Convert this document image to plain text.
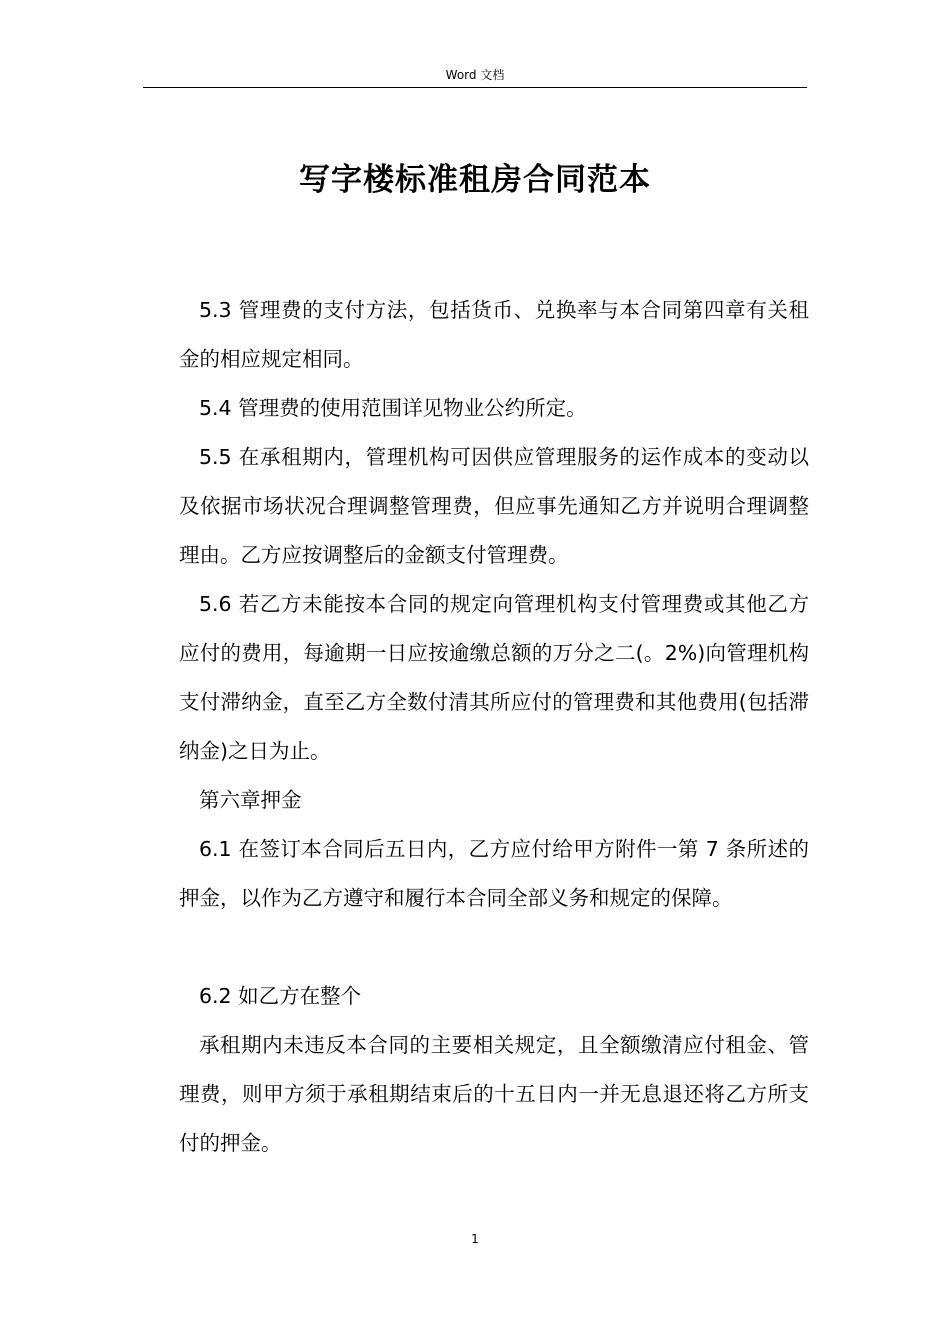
Word 文档
写字楼标准租房合同范本

5.3 管理费的支付方法，包括货币、兑换率与本合同第四章有关租金的相应规定相同。

5.4 管理费的使用范围详见物业公约所定。

5.5 在承租期内，管理机构可因供应管理服务的运作成本的变动以及依据市场状况合理调整管理费，但应事先通知乙方并说明合理调整理由。乙方应按调整后的金额支付管理费。

5.6 若乙方未能按本合同的规定向管理机构支付管理费或其他乙方应付的费用，每逾期一日应按逾缴总额的万分之二(。2%)向管理机构支付滞纳金，直至乙方全数付清其所应付的管理费和其他费用(包括滞纳金)之日为止。

第六章押金

6.1 在签订本合同后五日内，乙方应付给甲方附件一第 7 条所述的押金，以作为乙方遵守和履行本合同全部义务和规定的保障。

6.2 如乙方在整个

承租期内未违反本合同的主要相关规定，且全额缴清应付租金、管理费，则甲方须于承租期结束后的十五日内一并无息退还将乙方所支付的押金。

1
